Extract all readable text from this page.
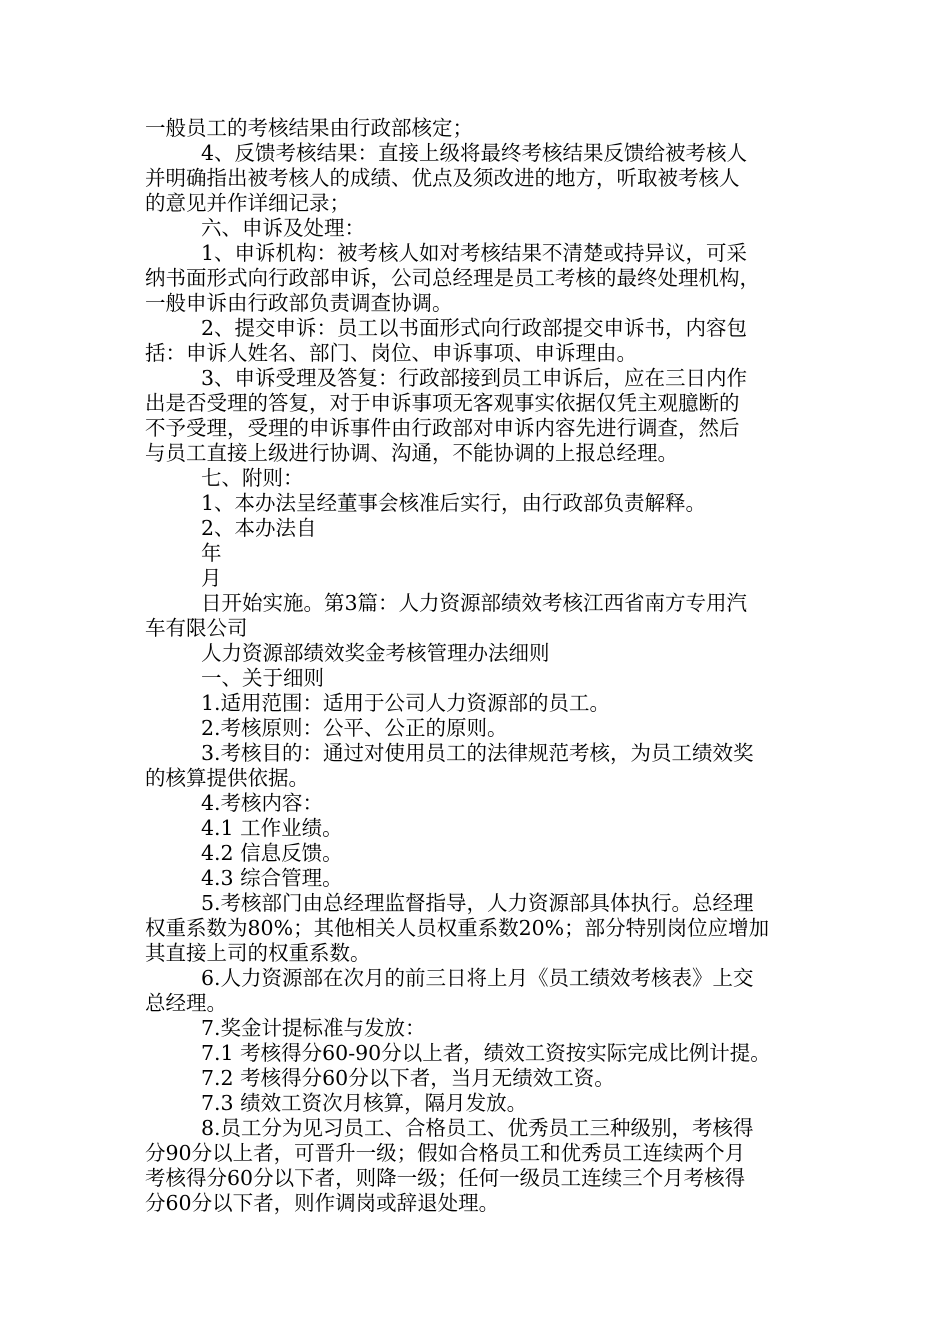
一般员工的考核结果由行政部核定；
4、反馈考核结果：直接上级将最终考核结果反馈给被考核人
并明确指出被考核人的成绩、优点及须改进的地方，听取被考核人
的意见并作详细记录；
六、申诉及处理：
1、申诉机构：被考核人如对考核结果不清楚或持异议，可采
纳书面形式向行政部申诉，公司总经理是员工考核的最终处理机构，
一般申诉由行政部负责调查协调。
2、提交申诉：员工以书面形式向行政部提交申诉书，内容包
括：申诉人姓名、部门、岗位、申诉事项、申诉理由。
3、申诉受理及答复：行政部接到员工申诉后，应在三日内作
出是否受理的答复，对于申诉事项无客观事实依据仅凭主观臆断的
不予受理，受理的申诉事件由行政部对申诉内容先进行调查，然后
与员工直接上级进行协调、沟通，不能协调的上报总经理。
七、附则：
1、本办法呈经董事会核准后实行，由行政部负责解释。
2、本办法自
年
月
日开始实施。第3篇：人力资源部绩效考核江西省南方专用汽
车有限公司
人力资源部绩效奖金考核管理办法细则
一、关于细则
1.适用范围：适用于公司人力资源部的员工。
2.考核原则：公平、公正的原则。
3.考核目的：通过对使用员工的法律规范考核，为员工绩效奖
的核算提供依据。
4.考核内容：
4.1 工作业绩。
4.2 信息反馈。
4.3 综合管理。
5.考核部门由总经理监督指导，人力资源部具体执行。总经理
权重系数为80%；其他相关人员权重系数20%；部分特别岗位应增加
其直接上司的权重系数。
6.人力资源部在次月的前三日将上月《员工绩效考核表》上交
总经理。
7.奖金计提标准与发放：
7.1 考核得分60-90分以上者，绩效工资按实际完成比例计提。
7.2 考核得分60分以下者，当月无绩效工资。
7.3 绩效工资次月核算，隔月发放。
8.员工分为见习员工、合格员工、优秀员工三种级别，考核得
分90分以上者，可晋升一级；假如合格员工和优秀员工连续两个月
考核得分60分以下者，则降一级；任何一级员工连续三个月考核得
分60分以下者，则作调岗或辞退处理。
